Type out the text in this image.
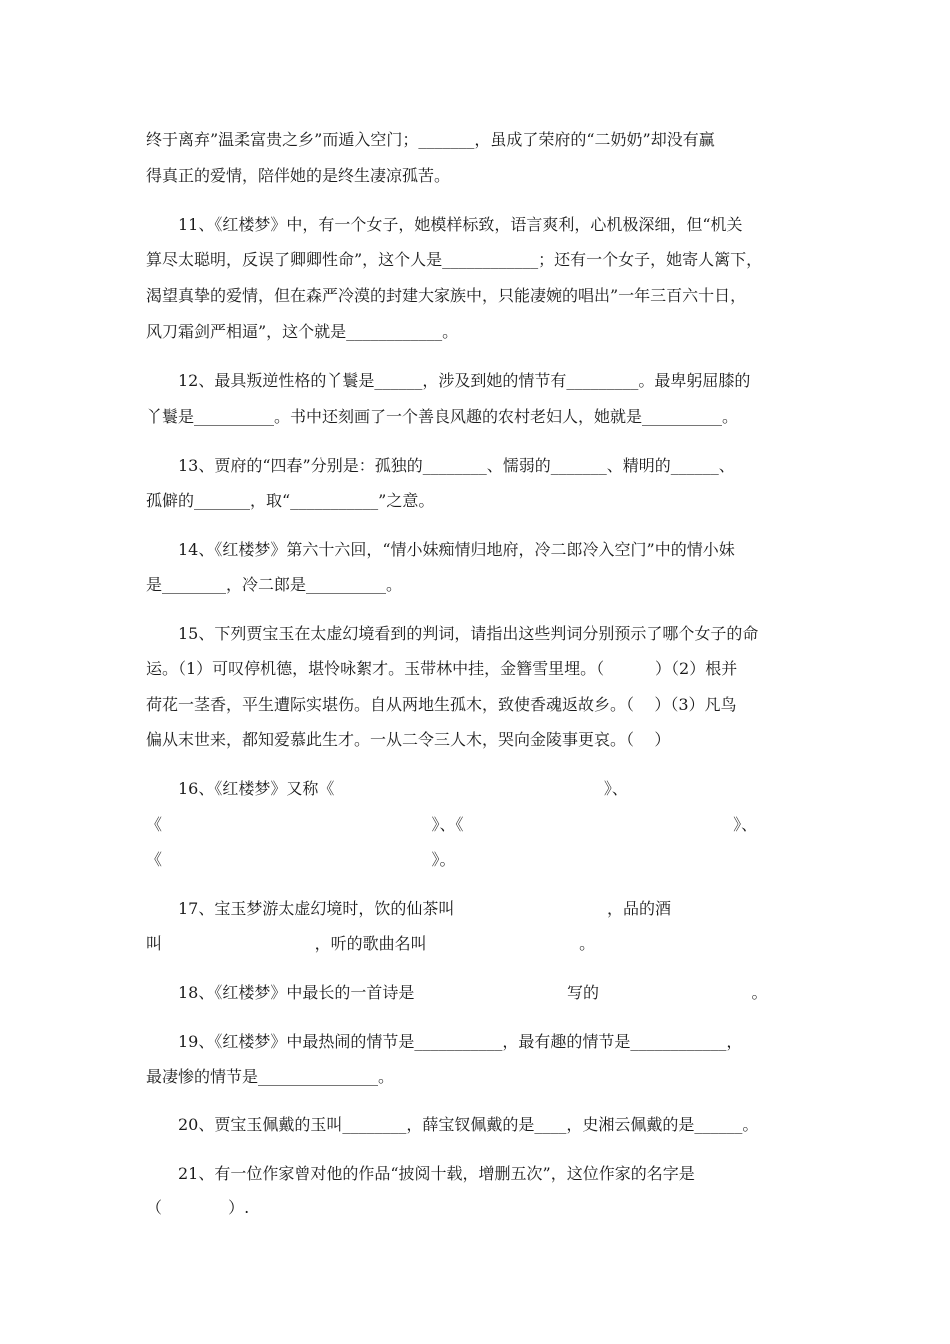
终于离弃”温柔富贵之乡”而遁入空门；_______，虽成了荣府的“二奶奶”却没有赢

得真正的爱情，陪伴她的是终生凄凉孤苦。

11、《红楼梦》中，有一个女子，她模样标致，语言爽利，心机极深细，但“机关

算尽太聪明，反误了卿卿性命”，这个人是____________；还有一个女子，她寄人篱下，

渴望真挚的爱情，但在森严冷漠的封建大家族中，只能凄婉的唱出”一年三百六十日，

风刀霜剑严相逼”，这个就是____________。

12、最具叛逆性格的丫鬟是______，涉及到她的情节有_________。最卑躬屈膝的

丫鬟是__________。书中还刻画了一个善良风趣的农村老妇人，她就是__________。

13、贾府的“四春”分别是：孤独的________、懦弱的_______、精明的______、

孤僻的_______，取“___________”之意。

14、《红楼梦》第六十六回，“情小妹痴情归地府，冷二郎冷入空门”中的情小妹

是________，冷二郎是__________。

15、下列贾宝玉在太虚幻境看到的判词，请指出这些判词分别预示了哪个女子的命

运。（1）可叹停机德，堪怜咏絮才。玉带林中挂，金簪雪里埋。（          ）（2）根并

荷花一茎香，平生遭际实堪伤。自从两地生孤木，致使香魂返故乡。（    ）（3）凡鸟

偏从末世来，都知爱慕此生才。一从二令三人木，哭向金陵事更哀。（    ）

16、《红楼梦》又称《                                                     》、

《                                                     》、《                                                     》、

《                                                     》。

17、宝玉梦游太虚幻境时，饮的仙茶叫                              ，品的酒

叫                              ，听的歌曲名叫                              。

18、《红楼梦》中最长的一首诗是                              写的                              。

19、《红楼梦》中最热闹的情节是___________，最有趣的情节是____________，

最凄惨的情节是_______________。

20、贾宝玉佩戴的玉叫________，薛宝钗佩戴的是____，史湘云佩戴的是______。

21、有一位作家曾对他的作品“披阅十载，增删五次”，这位作家的名字是

（             ）.
